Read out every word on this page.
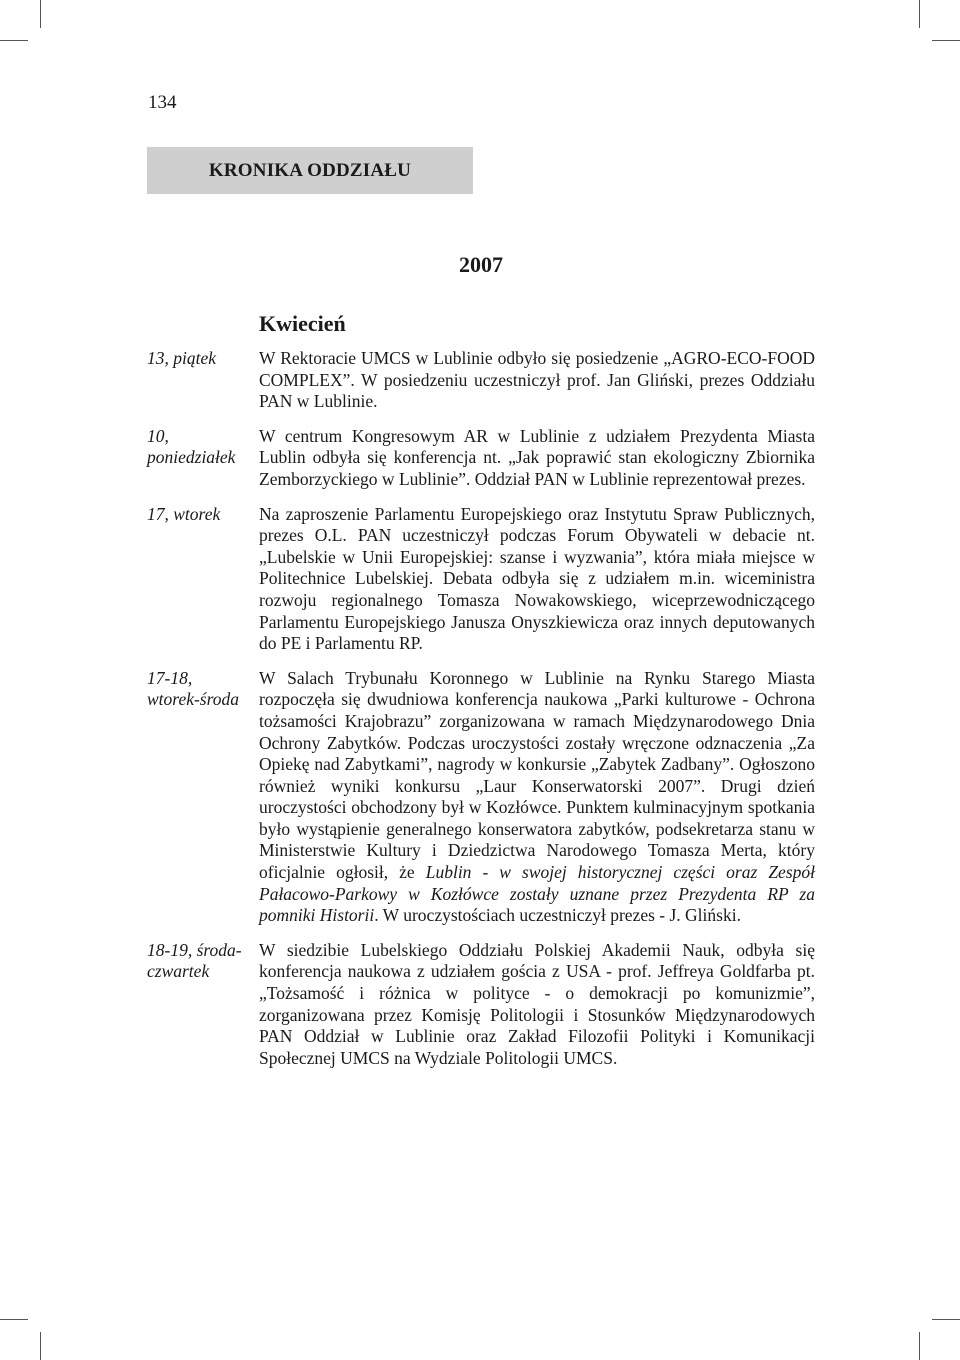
134
KRONIKA ODDZIAŁU
2007
Kwiecień
13, piątek	W Rektoracie UMCS w Lublinie odbyło się posiedzenie „AGRO-ECO-FOOD COMPLEX”. W posiedzeniu uczestniczył prof. Jan Gliński, prezes Oddziału PAN w Lublinie.
10,
poniedziałek
W centrum Kongresowym AR w Lublinie z udziałem Prezydenta Miasta Lublin odbyła się konferencja nt. „Jak poprawić stan ekologiczny Zbiornika Zemborzyckiego w Lublinie”. Oddział PAN w Lublinie reprezentował prezes.
17, wtorek	Na zaproszenie Parlamentu Europejskiego oraz Instytutu Spraw Publicznych, prezes O.L. PAN uczestniczył podczas Forum Obywateli w debacie nt. „Lubelskie w Unii Europejskiej: szanse i wyzwania”, która miała miejsce w Politechnice Lubelskiej. Debata odbyła się z udziałem m.in. wiceministra rozwoju regionalnego Tomasza Nowakowskiego, wiceprzewodniczącego Parlamentu Europejskiego Janusza Onyszkiewicza oraz innych deputowanych do PE i Parlamentu RP.
17-18,
wtorek-środa
W Salach Trybunału Koronnego w Lublinie na Rynku Starego Miasta rozpoczęła się dwudniowa konferencja naukowa „Parki kulturowe - Ochrona tożsamości Krajobrazu” zorganizowana w ramach Międzynarodowego Dnia Ochrony Zabytków. Podczas uroczystości zostały wręczone odznaczenia „Za Opiekę nad Zabytkami”, nagrody w konkursie „Zabytek Zadbany”. Ogłoszono również wyniki konkursu „Laur Konserwatorski 2007”. Drugi dzień uroczystości obchodzony był w Kozłówce. Punktem kulminacyjnym spotkania było wystąpienie generalnego konserwatora zabytków, podsekretarza stanu w Ministerstwie Kultury i Dziedzictwa Narodowego Tomasza Merta, który oficjalnie ogłosił, że Lublin - w swojej historycznej części oraz Zespół Pałacowo-Parkowy w Kozłówce zostały uznane przez Prezydenta RP za pomniki Historii. W uroczystościach uczestniczył prezes - J. Gliński.
18-19, środa-
czwartek
W siedzibie Lubelskiego Oddziału Polskiej Akademii Nauk, odbyła się konferencja naukowa z udziałem gościa z USA - prof. Jeffreya Goldfarba pt. „Tożsamość i różnica w polityce - o demokracji po komunizmie”, zorganizowana przez Komisję Politologii i Stosunków Międzynarodowych PAN Oddział w Lublinie oraz Zakład Filozofii Polityki i Komunikacji Społecznej UMCS na Wydziale Politologii UMCS.
